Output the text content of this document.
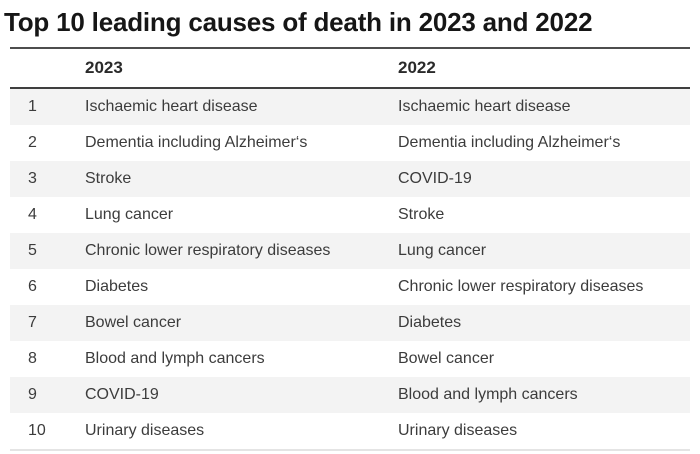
Top 10 leading causes of death in 2023 and 2022
	2023	2022
1	Ischaemic heart disease	Ischaemic heart disease
2	Dementia including Alzheimer‘s	Dementia including Alzheimer‘s
3	Stroke	COVID-19
4	Lung cancer	Stroke
5	Chronic lower respiratory diseases	Lung cancer
6	Diabetes	Chronic lower respiratory diseases
7	Bowel cancer	Diabetes
8	Blood and lymph cancers	Bowel cancer
9	COVID-19	Blood and lymph cancers
10	Urinary diseases	Urinary diseases
